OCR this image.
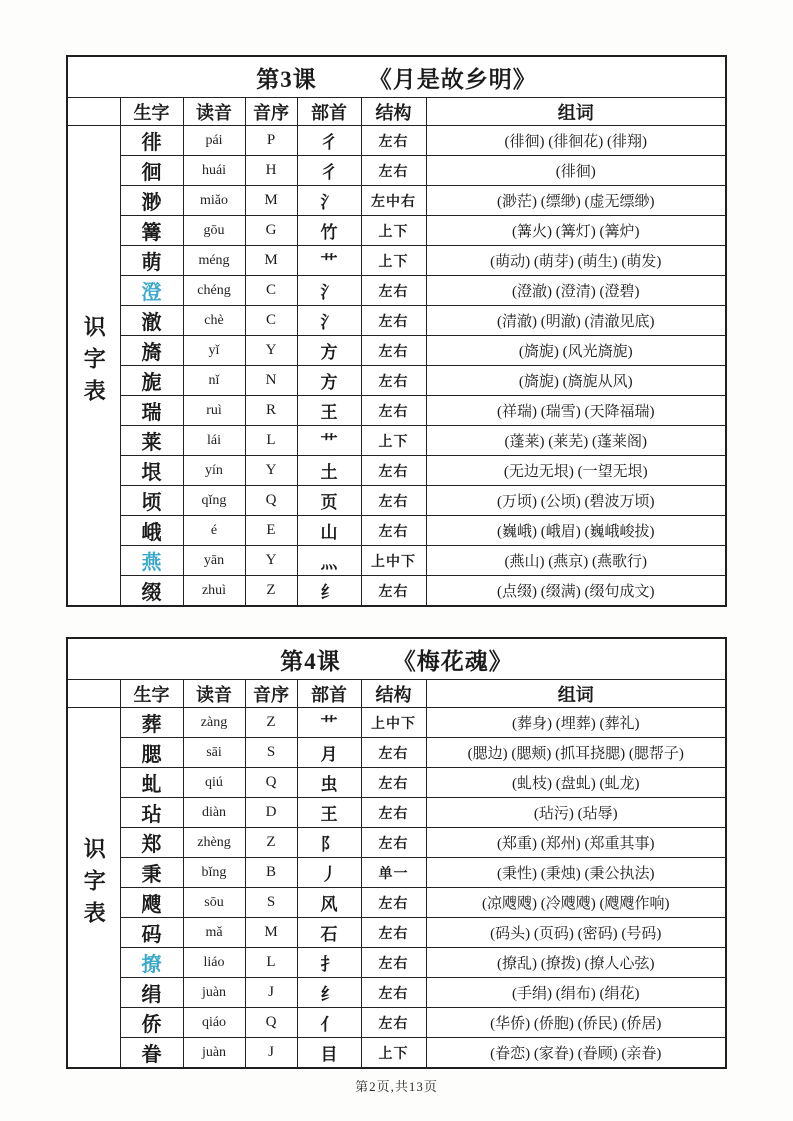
第3课 《月是故乡明》						

	生字	读音	音序	部首	结构	组词
识字表	徘	pái	P	彳	左右	(徘徊) (徘徊花) (徘翔)
	徊	huái	H	彳	左右	(徘徊)
	渺	miǎo	M	氵	左中右	(渺茫) (缥缈) (虚无缥缈)
	篝	gōu	G	竹	上下	(篝火) (篝灯) (篝炉)
	萌	méng	M	艹	上下	(萌动) (萌芽) (萌生) (萌发)
	澄	chéng	C	氵	左右	(澄澈) (澄清) (澄碧)
	澈	chè	C	氵	左右	(清澈) (明澈) (清澈见底)
	旖	yǐ	Y	方	左右	(旖旎) (风光旖旎)
	旎	nǐ	N	方	左右	(旖旎) (旖旎从风)
	瑞	ruì	R	王	左右	(祥瑞) (瑞雪) (天降福瑞)
	莱	lái	L	艹	上下	(蓬莱) (莱芜) (蓬莱阁)
	垠	yín	Y	土	左右	(无边无垠) (一望无垠)
	顷	qǐng	Q	页	左右	(万顷) (公顷) (碧波万顷)
	峨	é	E	山	左右	(巍峨) (峨眉) (巍峨峻拔)
	燕	yān	Y	灬	上中下	(燕山) (燕京) (燕歌行)
	缀	zhuì	Z	纟	左右	(点缀) (缀满) (缀句成文)
第4课 《梅花魂》						

	生字	读音	音序	部首	结构	组词
识字表	葬	zàng	Z	艹	上中下	(葬身) (埋葬) (葬礼)
	腮	sāi	S	月	左右	(腮边) (腮颊) (抓耳挠腮) (腮帮子)
	虬	qiú	Q	虫	左右	(虬枝) (盘虬) (虬龙)
	玷	diàn	D	王	左右	(玷污) (玷辱)
	郑	zhèng	Z	阝	左右	(郑重) (郑州) (郑重其事)
	秉	bǐng	B	丿	单一	(秉性) (秉烛) (秉公执法)
	飕	sōu	S	风	左右	(凉飕飕) (冷飕飕) (飕飕作响)
	码	mǎ	M	石	左右	(码头) (页码) (密码) (号码)
	撩	liáo	L	扌	左右	(撩乱) (撩拨) (撩人心弦)
	绢	juàn	J	纟	左右	(手绢) (绢布) (绢花)
	侨	qiáo	Q	亻	左右	(华侨) (侨胞) (侨民) (侨居)
	眷	juàn	J	目	上下	(眷恋) (家眷) (眷顾) (亲眷)
第2页,共13页
